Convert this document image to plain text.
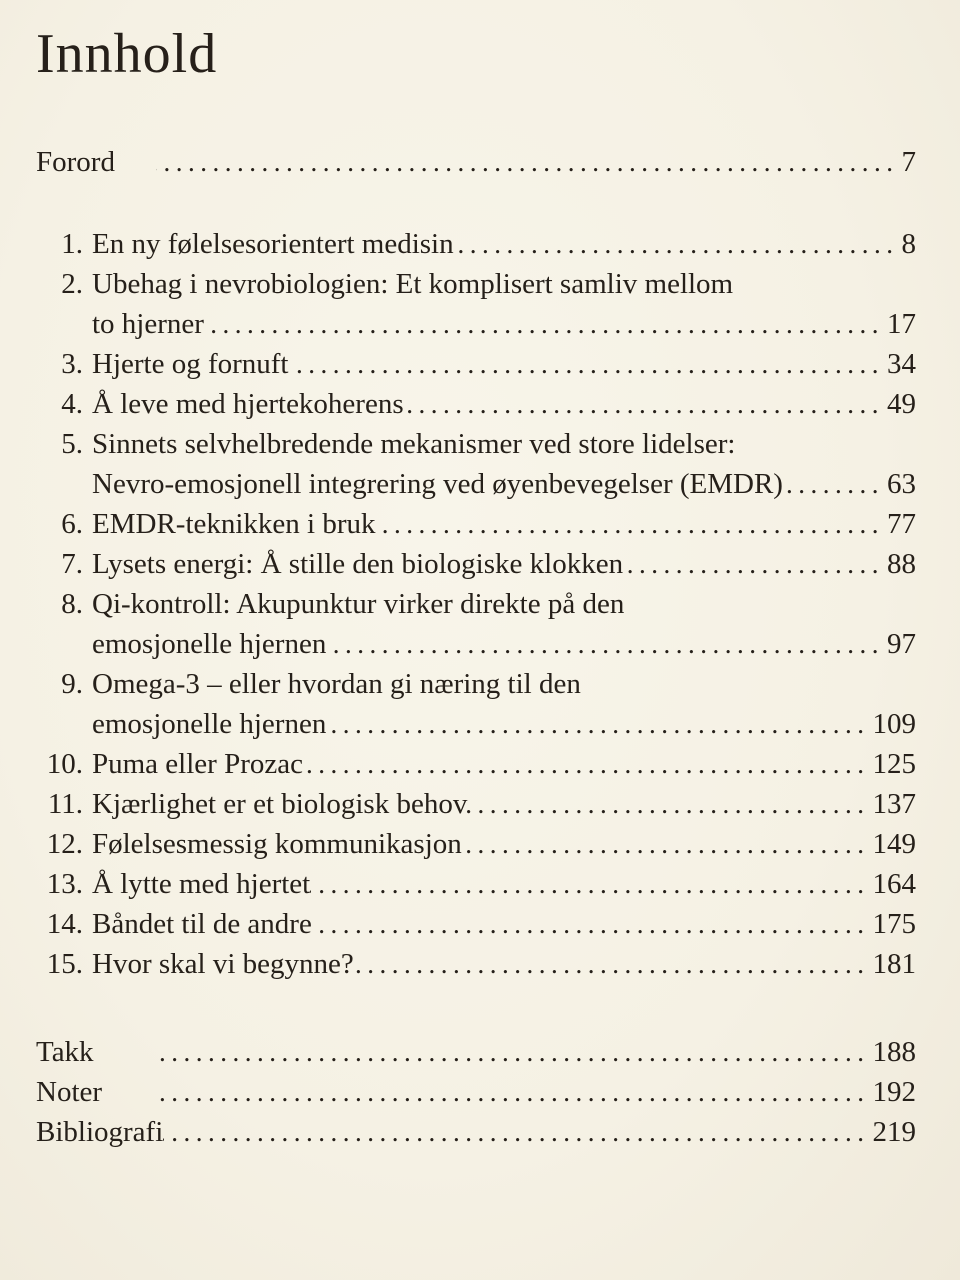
Innhold
Forord .....	7
1. En ny følelsesorientert medisin .....	8
2. Ubehag i nevrobiologien: Et komplisert samliv mellom
to hjerner .....	17
3. Hjerte og fornuft .....	34
4. Å leve med hjertekoherens .....	49
5. Sinnets selvhelbredende mekanismer ved store lidelser:
Nevro-emosjonell integrering ved øyenbevegelser (EMDR) .....	63
6. EMDR-teknikken i bruk .....	77
7. Lysets energi: Å stille den biologiske klokken .....	88
8. Qi-kontroll: Akupunktur virker direkte på den
emosjonelle hjernen .....	97
9. Omega-3 – eller hvordan gi næring til den
emosjonelle hjernen .....	109
10. Puma eller Prozac .....	125
11. Kjærlighet er et biologisk behov .....	137
12. Følelsesmessig kommunikasjon .....	149
13. Å lytte med hjertet .....	164
14. Båndet til de andre .....	175
15. Hvor skal vi begynne? .....	181
Takk .....	188
Noter .....	192
Bibliografi .....	219
